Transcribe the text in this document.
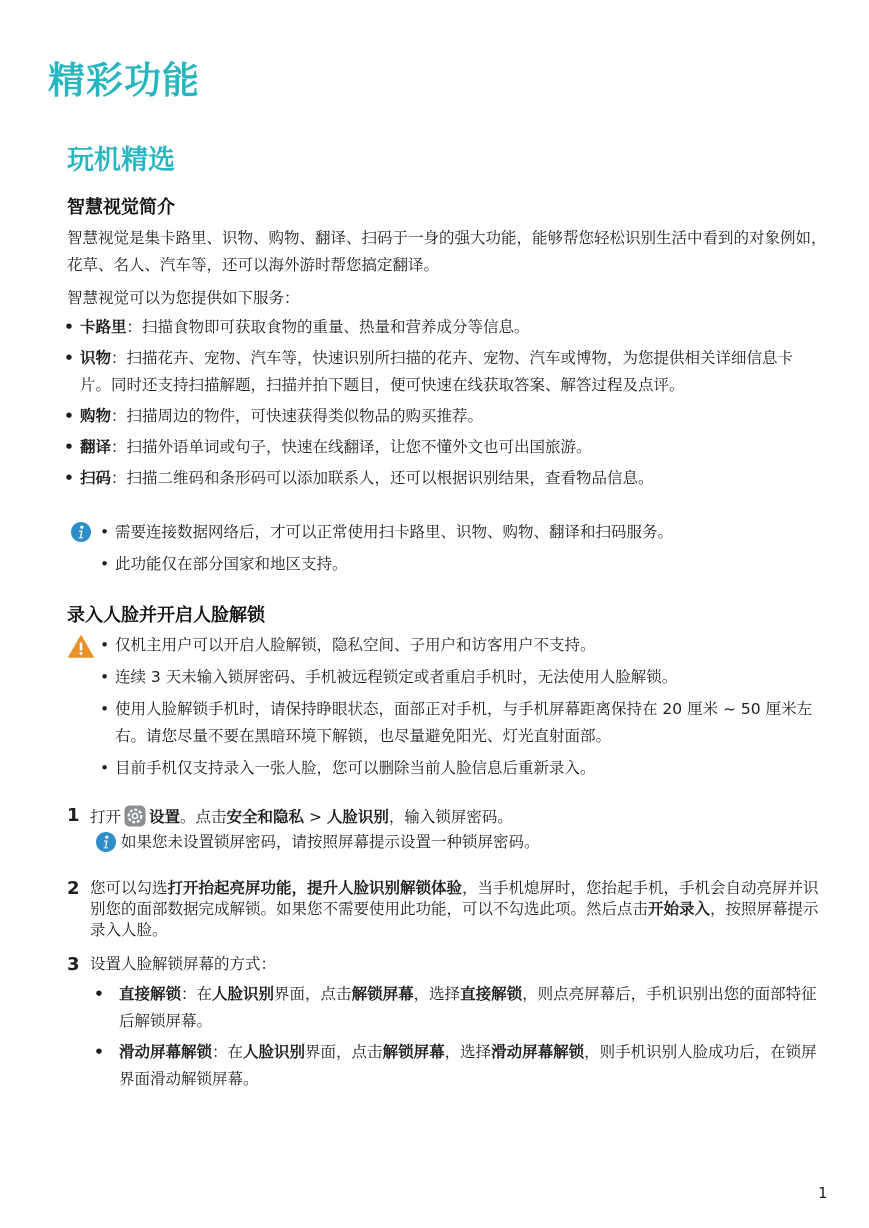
精彩功能
玩机精选
智慧视觉简介

智慧视觉是集卡路里、识物、购物、翻译、扫码于一身的强大功能，能够帮您轻松识别生活中看到的对象例如，花草、名人、汽车等，还可以海外游时帮您搞定翻译。

智慧视觉可以为您提供如下服务：

• 卡路里：扫描食物即可获取食物的重量、热量和营养成分等信息。
• 识物：扫描花卉、宠物、汽车等，快速识别所扫描的花卉、宠物、汽车或博物，为您提供相关详细信息卡片。同时还支持扫描解题，扫描并拍下题目，便可快速在线获取答案、解答过程及点评。
• 购物：扫描周边的物件，可快速获得类似物品的购买推荐。
• 翻译：扫描外语单词或句子，快速在线翻译，让您不懂外文也可出国旅游。
• 扫码：扫描二维码和条形码可以添加联系人，还可以根据识别结果，查看物品信息。
• 需要连接数据网络后，才可以正常使用扫卡路里、识物、购物、翻译和扫码服务。
• 此功能仅在部分国家和地区支持。
录入人脸并开启人脸解锁
• 仅机主用户可以开启人脸解锁，隐私空间、子用户和访客用户不支持。
• 连续 3 天未输入锁屏密码、手机被远程锁定或者重启手机时，无法使用人脸解锁。
• 使用人脸解锁手机时，请保持睁眼状态，面部正对手机，与手机屏幕距离保持在 20 厘米 ~ 50 厘米左右。请您尽量不要在黑暗环境下解锁，也尽量避免阳光、灯光直射面部。
• 目前手机仅支持录入一张人脸，您可以删除当前人脸信息后重新录入。
1 打开 设置。点击安全和隐私 > 人脸识别，输入锁屏密码。
如果您未设置锁屏密码，请按照屏幕提示设置一种锁屏密码。
2 您可以勾选打开抬起亮屏功能，提升人脸识别解锁体验，当手机熄屏时，您抬起手机，手机会自动亮屏并识别您的面部数据完成解锁。如果您不需要使用此功能，可以不勾选此项。然后点击开始录入，按照屏幕提示录入人脸。
3 设置人脸解锁屏幕的方式：
• 直接解锁：在人脸识别界面，点击解锁屏幕，选择直接解锁，则点亮屏幕后，手机识别出您的面部特征后解锁屏幕。
• 滑动屏幕解锁：在人脸识别界面，点击解锁屏幕，选择滑动屏幕解锁，则手机识别人脸成功后，在锁屏界面滑动解锁屏幕。
1
